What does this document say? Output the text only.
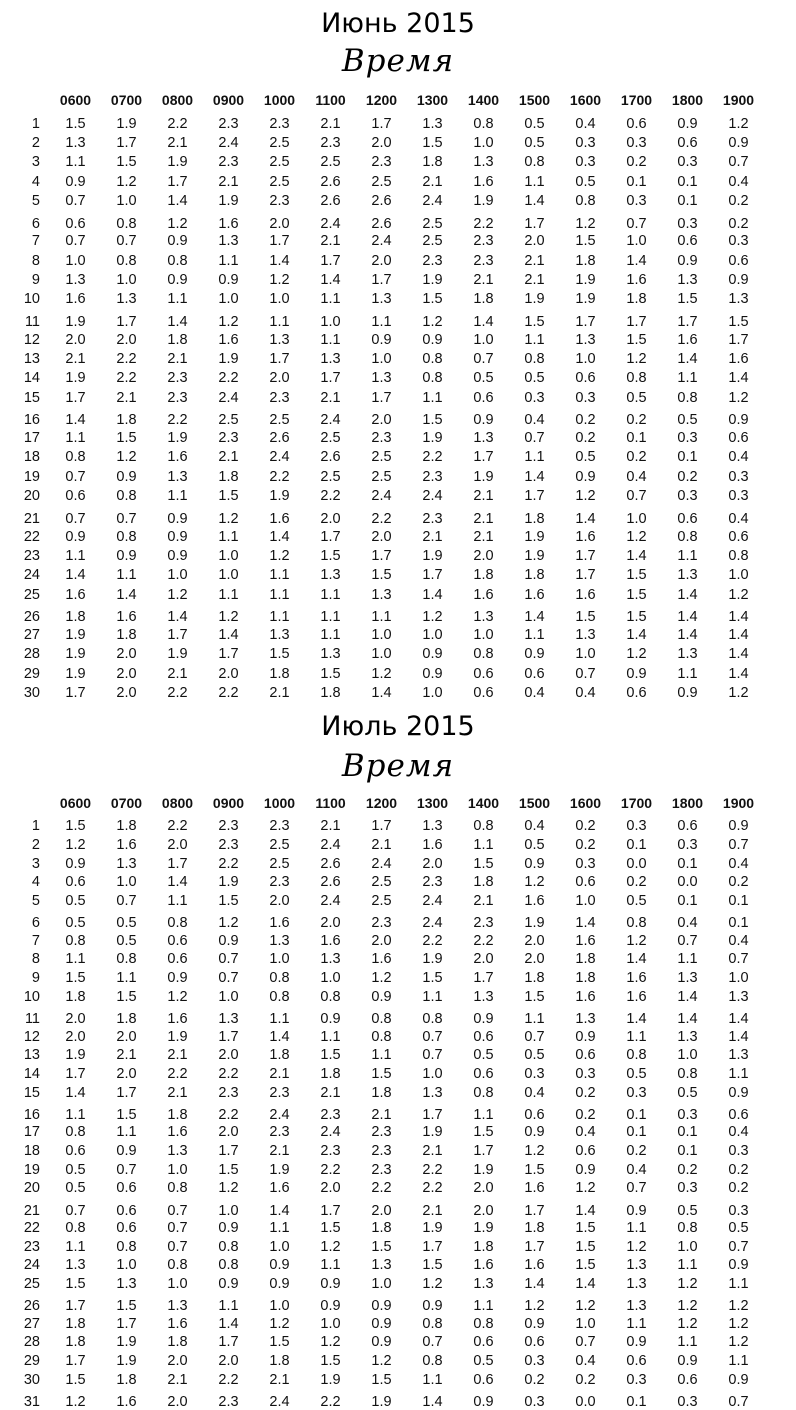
Июнь 2015
Время
	0600	0700	0800	0900	1000	1100	1200	1300	1400	1500	1600	1700	1800	1900
1	1.5	1.9	2.2	2.3	2.3	2.1	1.7	1.3	0.8	0.5	0.4	0.6	0.9	1.2
2	1.3	1.7	2.1	2.4	2.5	2.3	2.0	1.5	1.0	0.5	0.3	0.3	0.6	0.9
3	1.1	1.5	1.9	2.3	2.5	2.5	2.3	1.8	1.3	0.8	0.3	0.2	0.3	0.7
4	0.9	1.2	1.7	2.1	2.5	2.6	2.5	2.1	1.6	1.1	0.5	0.1	0.1	0.4
5	0.7	1.0	1.4	1.9	2.3	2.6	2.6	2.4	1.9	1.4	0.8	0.3	0.1	0.2
6	0.6	0.8	1.2	1.6	2.0	2.4	2.6	2.5	2.2	1.7	1.2	0.7	0.3	0.2
7	0.7	0.7	0.9	1.3	1.7	2.1	2.4	2.5	2.3	2.0	1.5	1.0	0.6	0.3
8	1.0	0.8	0.8	1.1	1.4	1.7	2.0	2.3	2.3	2.1	1.8	1.4	0.9	0.6
9	1.3	1.0	0.9	0.9	1.2	1.4	1.7	1.9	2.1	2.1	1.9	1.6	1.3	0.9
10	1.6	1.3	1.1	1.0	1.0	1.1	1.3	1.5	1.8	1.9	1.9	1.8	1.5	1.3
11	1.9	1.7	1.4	1.2	1.1	1.0	1.1	1.2	1.4	1.5	1.7	1.7	1.7	1.5
12	2.0	2.0	1.8	1.6	1.3	1.1	0.9	0.9	1.0	1.1	1.3	1.5	1.6	1.7
13	2.1	2.2	2.1	1.9	1.7	1.3	1.0	0.8	0.7	0.8	1.0	1.2	1.4	1.6
14	1.9	2.2	2.3	2.2	2.0	1.7	1.3	0.8	0.5	0.5	0.6	0.8	1.1	1.4
15	1.7	2.1	2.3	2.4	2.3	2.1	1.7	1.1	0.6	0.3	0.3	0.5	0.8	1.2
16	1.4	1.8	2.2	2.5	2.5	2.4	2.0	1.5	0.9	0.4	0.2	0.2	0.5	0.9
17	1.1	1.5	1.9	2.3	2.6	2.5	2.3	1.9	1.3	0.7	0.2	0.1	0.3	0.6
18	0.8	1.2	1.6	2.1	2.4	2.6	2.5	2.2	1.7	1.1	0.5	0.2	0.1	0.4
19	0.7	0.9	1.3	1.8	2.2	2.5	2.5	2.3	1.9	1.4	0.9	0.4	0.2	0.3
20	0.6	0.8	1.1	1.5	1.9	2.2	2.4	2.4	2.1	1.7	1.2	0.7	0.3	0.3
21	0.7	0.7	0.9	1.2	1.6	2.0	2.2	2.3	2.1	1.8	1.4	1.0	0.6	0.4
22	0.9	0.8	0.9	1.1	1.4	1.7	2.0	2.1	2.1	1.9	1.6	1.2	0.8	0.6
23	1.1	0.9	0.9	1.0	1.2	1.5	1.7	1.9	2.0	1.9	1.7	1.4	1.1	0.8
24	1.4	1.1	1.0	1.0	1.1	1.3	1.5	1.7	1.8	1.8	1.7	1.5	1.3	1.0
25	1.6	1.4	1.2	1.1	1.1	1.1	1.3	1.4	1.6	1.6	1.6	1.5	1.4	1.2
26	1.8	1.6	1.4	1.2	1.1	1.1	1.1	1.2	1.3	1.4	1.5	1.5	1.4	1.4
27	1.9	1.8	1.7	1.4	1.3	1.1	1.0	1.0	1.0	1.1	1.3	1.4	1.4	1.4
28	1.9	2.0	1.9	1.7	1.5	1.3	1.0	0.9	0.8	0.9	1.0	1.2	1.3	1.4
29	1.9	2.0	2.1	2.0	1.8	1.5	1.2	0.9	0.6	0.6	0.7	0.9	1.1	1.4
30	1.7	2.0	2.2	2.2	2.1	1.8	1.4	1.0	0.6	0.4	0.4	0.6	0.9	1.2
Июль 2015
Время
	0600	0700	0800	0900	1000	1100	1200	1300	1400	1500	1600	1700	1800	1900
1	1.5	1.8	2.2	2.3	2.3	2.1	1.7	1.3	0.8	0.4	0.2	0.3	0.6	0.9
2	1.2	1.6	2.0	2.3	2.5	2.4	2.1	1.6	1.1	0.5	0.2	0.1	0.3	0.7
3	0.9	1.3	1.7	2.2	2.5	2.6	2.4	2.0	1.5	0.9	0.3	0.0	0.1	0.4
4	0.6	1.0	1.4	1.9	2.3	2.6	2.5	2.3	1.8	1.2	0.6	0.2	0.0	0.2
5	0.5	0.7	1.1	1.5	2.0	2.4	2.5	2.4	2.1	1.6	1.0	0.5	0.1	0.1
6	0.5	0.5	0.8	1.2	1.6	2.0	2.3	2.4	2.3	1.9	1.4	0.8	0.4	0.1
7	0.8	0.5	0.6	0.9	1.3	1.6	2.0	2.2	2.2	2.0	1.6	1.2	0.7	0.4
8	1.1	0.8	0.6	0.7	1.0	1.3	1.6	1.9	2.0	2.0	1.8	1.4	1.1	0.7
9	1.5	1.1	0.9	0.7	0.8	1.0	1.2	1.5	1.7	1.8	1.8	1.6	1.3	1.0
10	1.8	1.5	1.2	1.0	0.8	0.8	0.9	1.1	1.3	1.5	1.6	1.6	1.4	1.3
11	2.0	1.8	1.6	1.3	1.1	0.9	0.8	0.8	0.9	1.1	1.3	1.4	1.4	1.4
12	2.0	2.0	1.9	1.7	1.4	1.1	0.8	0.7	0.6	0.7	0.9	1.1	1.3	1.4
13	1.9	2.1	2.1	2.0	1.8	1.5	1.1	0.7	0.5	0.5	0.6	0.8	1.0	1.3
14	1.7	2.0	2.2	2.2	2.1	1.8	1.5	1.0	0.6	0.3	0.3	0.5	0.8	1.1
15	1.4	1.7	2.1	2.3	2.3	2.1	1.8	1.3	0.8	0.4	0.2	0.3	0.5	0.9
16	1.1	1.5	1.8	2.2	2.4	2.3	2.1	1.7	1.1	0.6	0.2	0.1	0.3	0.6
17	0.8	1.1	1.6	2.0	2.3	2.4	2.3	1.9	1.5	0.9	0.4	0.1	0.1	0.4
18	0.6	0.9	1.3	1.7	2.1	2.3	2.3	2.1	1.7	1.2	0.6	0.2	0.1	0.3
19	0.5	0.7	1.0	1.5	1.9	2.2	2.3	2.2	1.9	1.5	0.9	0.4	0.2	0.2
20	0.5	0.6	0.8	1.2	1.6	2.0	2.2	2.2	2.0	1.6	1.2	0.7	0.3	0.2
21	0.7	0.6	0.7	1.0	1.4	1.7	2.0	2.1	2.0	1.7	1.4	0.9	0.5	0.3
22	0.8	0.6	0.7	0.9	1.1	1.5	1.8	1.9	1.9	1.8	1.5	1.1	0.8	0.5
23	1.1	0.8	0.7	0.8	1.0	1.2	1.5	1.7	1.8	1.7	1.5	1.2	1.0	0.7
24	1.3	1.0	0.8	0.8	0.9	1.1	1.3	1.5	1.6	1.6	1.5	1.3	1.1	0.9
25	1.5	1.3	1.0	0.9	0.9	0.9	1.0	1.2	1.3	1.4	1.4	1.3	1.2	1.1
26	1.7	1.5	1.3	1.1	1.0	0.9	0.9	0.9	1.1	1.2	1.2	1.3	1.2	1.2
27	1.8	1.7	1.6	1.4	1.2	1.0	0.9	0.8	0.8	0.9	1.0	1.1	1.2	1.2
28	1.8	1.9	1.8	1.7	1.5	1.2	0.9	0.7	0.6	0.6	0.7	0.9	1.1	1.2
29	1.7	1.9	2.0	2.0	1.8	1.5	1.2	0.8	0.5	0.3	0.4	0.6	0.9	1.1
30	1.5	1.8	2.1	2.2	2.1	1.9	1.5	1.1	0.6	0.2	0.2	0.3	0.6	0.9
31	1.2	1.6	2.0	2.3	2.4	2.2	1.9	1.4	0.9	0.3	0.0	0.1	0.3	0.7
